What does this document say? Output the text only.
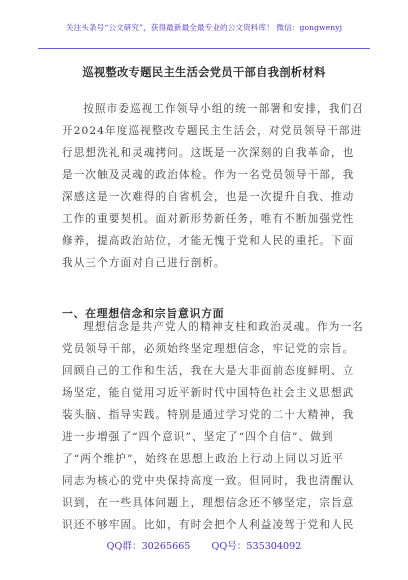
关注头条号“公文研究”，获得最新最全最专业的公文资料库！ 微信：gongwenyj
巡视整改专题民主生活会党员干部自我剖析材料
按照市委巡视工作领导小组的统一部署和安排，我们召
开2024年度巡视整改专题民主生活会，对党员领导干部进
行思想洗礼和灵魂拷问。这既是一次深刻的自我革命，也
是一次触及灵魂的政治体检。作为一名党员领导干部，我
深感这是一次难得的自省机会，也是一次提升自我、推动
工作的重要契机。面对新形势新任务，唯有不断加强党性
修养，提高政治站位，才能无愧于党和人民的重托。下面
我从三个方面对自己进行剖析。
一、在理想信念和宗旨意识方面
理想信念是共产党人的精神支柱和政治灵魂。作为一名
党员领导干部，必须始终坚定理想信念，牢记党的宗旨。
回顾自己的工作和生活，我在大是大非面前态度鲜明、立
场坚定，能自觉用习近平新时代中国特色社会主义思想武
装头脑、指导实践。特别是通过学习党的二十大精神，我
进一步增强了“四个意识”、坚定了“四个自信”、做到
了“两个维护”，始终在思想上政治上行动上同以习近平
同志为核心的党中央保持高度一致。但同时，我也清醒认
识到，在一些具体问题上，理想信念还不够坚定，宗旨意
识还不够牢固。比如，有时会把个人利益凌驾于党和人民
QQ群：30265665 QQ号：535304092
